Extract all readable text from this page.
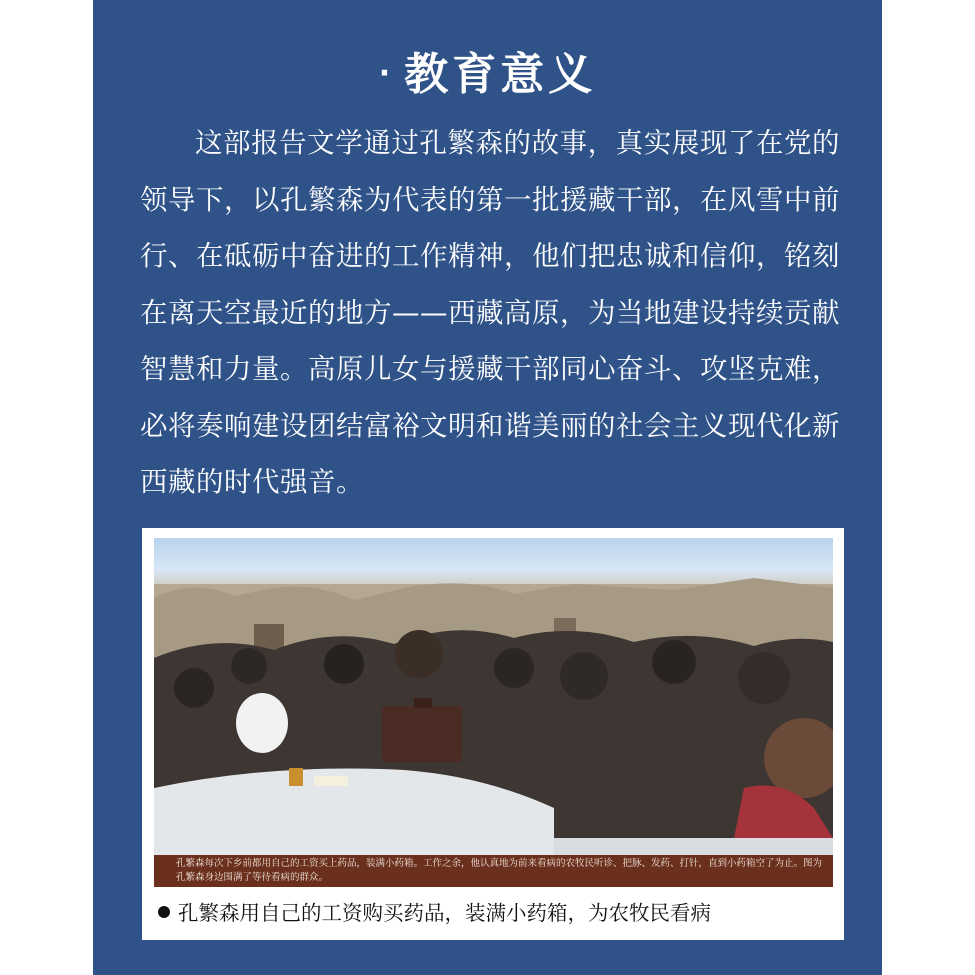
· 教育意义

这部报告文学通过孔繁森的故事，真实展现了在党的领导下，以孔繁森为代表的第一批援藏干部，在风雪中前行、在砥砺中奋进的工作精神，他们把忠诚和信仰，铭刻在离天空最近的地方——西藏高原，为当地建设持续贡献智慧和力量。高原儿女与援藏干部同心奋斗、攻坚克难，必将奏响建设团结富裕文明和谐美丽的社会主义现代化新西藏的时代强音。

孔繁森每次下乡前都用自己的工资买上药品，装满小药箱。工作之余，他认真地为前来看病的农牧民听诊、把脉、发药、打针，直到小药箱空了为止。图为孔繁森身边围满了等待看病的群众。
孔繁森用自己的工资购买药品，装满小药箱，为农牧民看病
